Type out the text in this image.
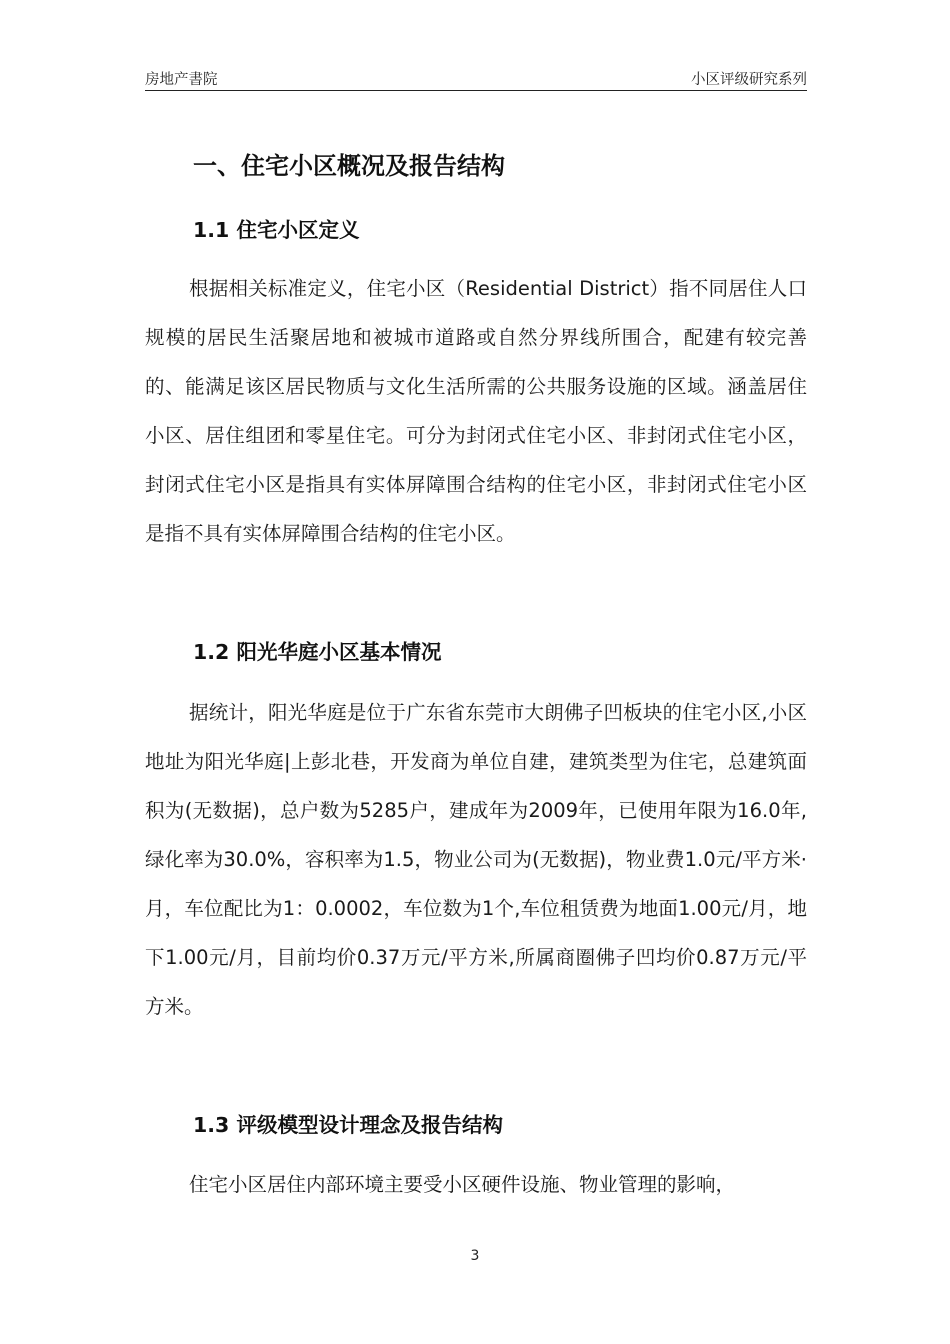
房地产書院	小区评级研究系列
一、住宅小区概况及报告结构
1.1 住宅小区定义
根据相关标准定义，住宅小区（Residential District）指不同居住人口规模的居民生活聚居地和被城市道路或自然分界线所围合，配建有较完善的、能满足该区居民物质与文化生活所需的公共服务设施的区域。涵盖居住小区、居住组团和零星住宅。可分为封闭式住宅小区、非封闭式住宅小区，封闭式住宅小区是指具有实体屏障围合结构的住宅小区，非封闭式住宅小区是指不具有实体屏障围合结构的住宅小区。
1.2 阳光华庭小区基本情况
据统计，阳光华庭是位于广东省东莞市大朗佛子凹板块的住宅小区,小区地址为阳光华庭|上彭北巷，开发商为单位自建，建筑类型为住宅，总建筑面积为(无数据)，总户数为5285户，建成年为2009年，已使用年限为16.0年,绿化率为30.0%，容积率为1.5，物业公司为(无数据)，物业费1.0元/平方米·月，车位配比为1：0.0002，车位数为1个,车位租赁费为地面1.00元/月，地下1.00元/月，目前均价0.37万元/平方米,所属商圈佛子凹均价0.87万元/平方米。
1.3 评级模型设计理念及报告结构
住宅小区居住内部环境主要受小区硬件设施、物业管理的影响，
3
